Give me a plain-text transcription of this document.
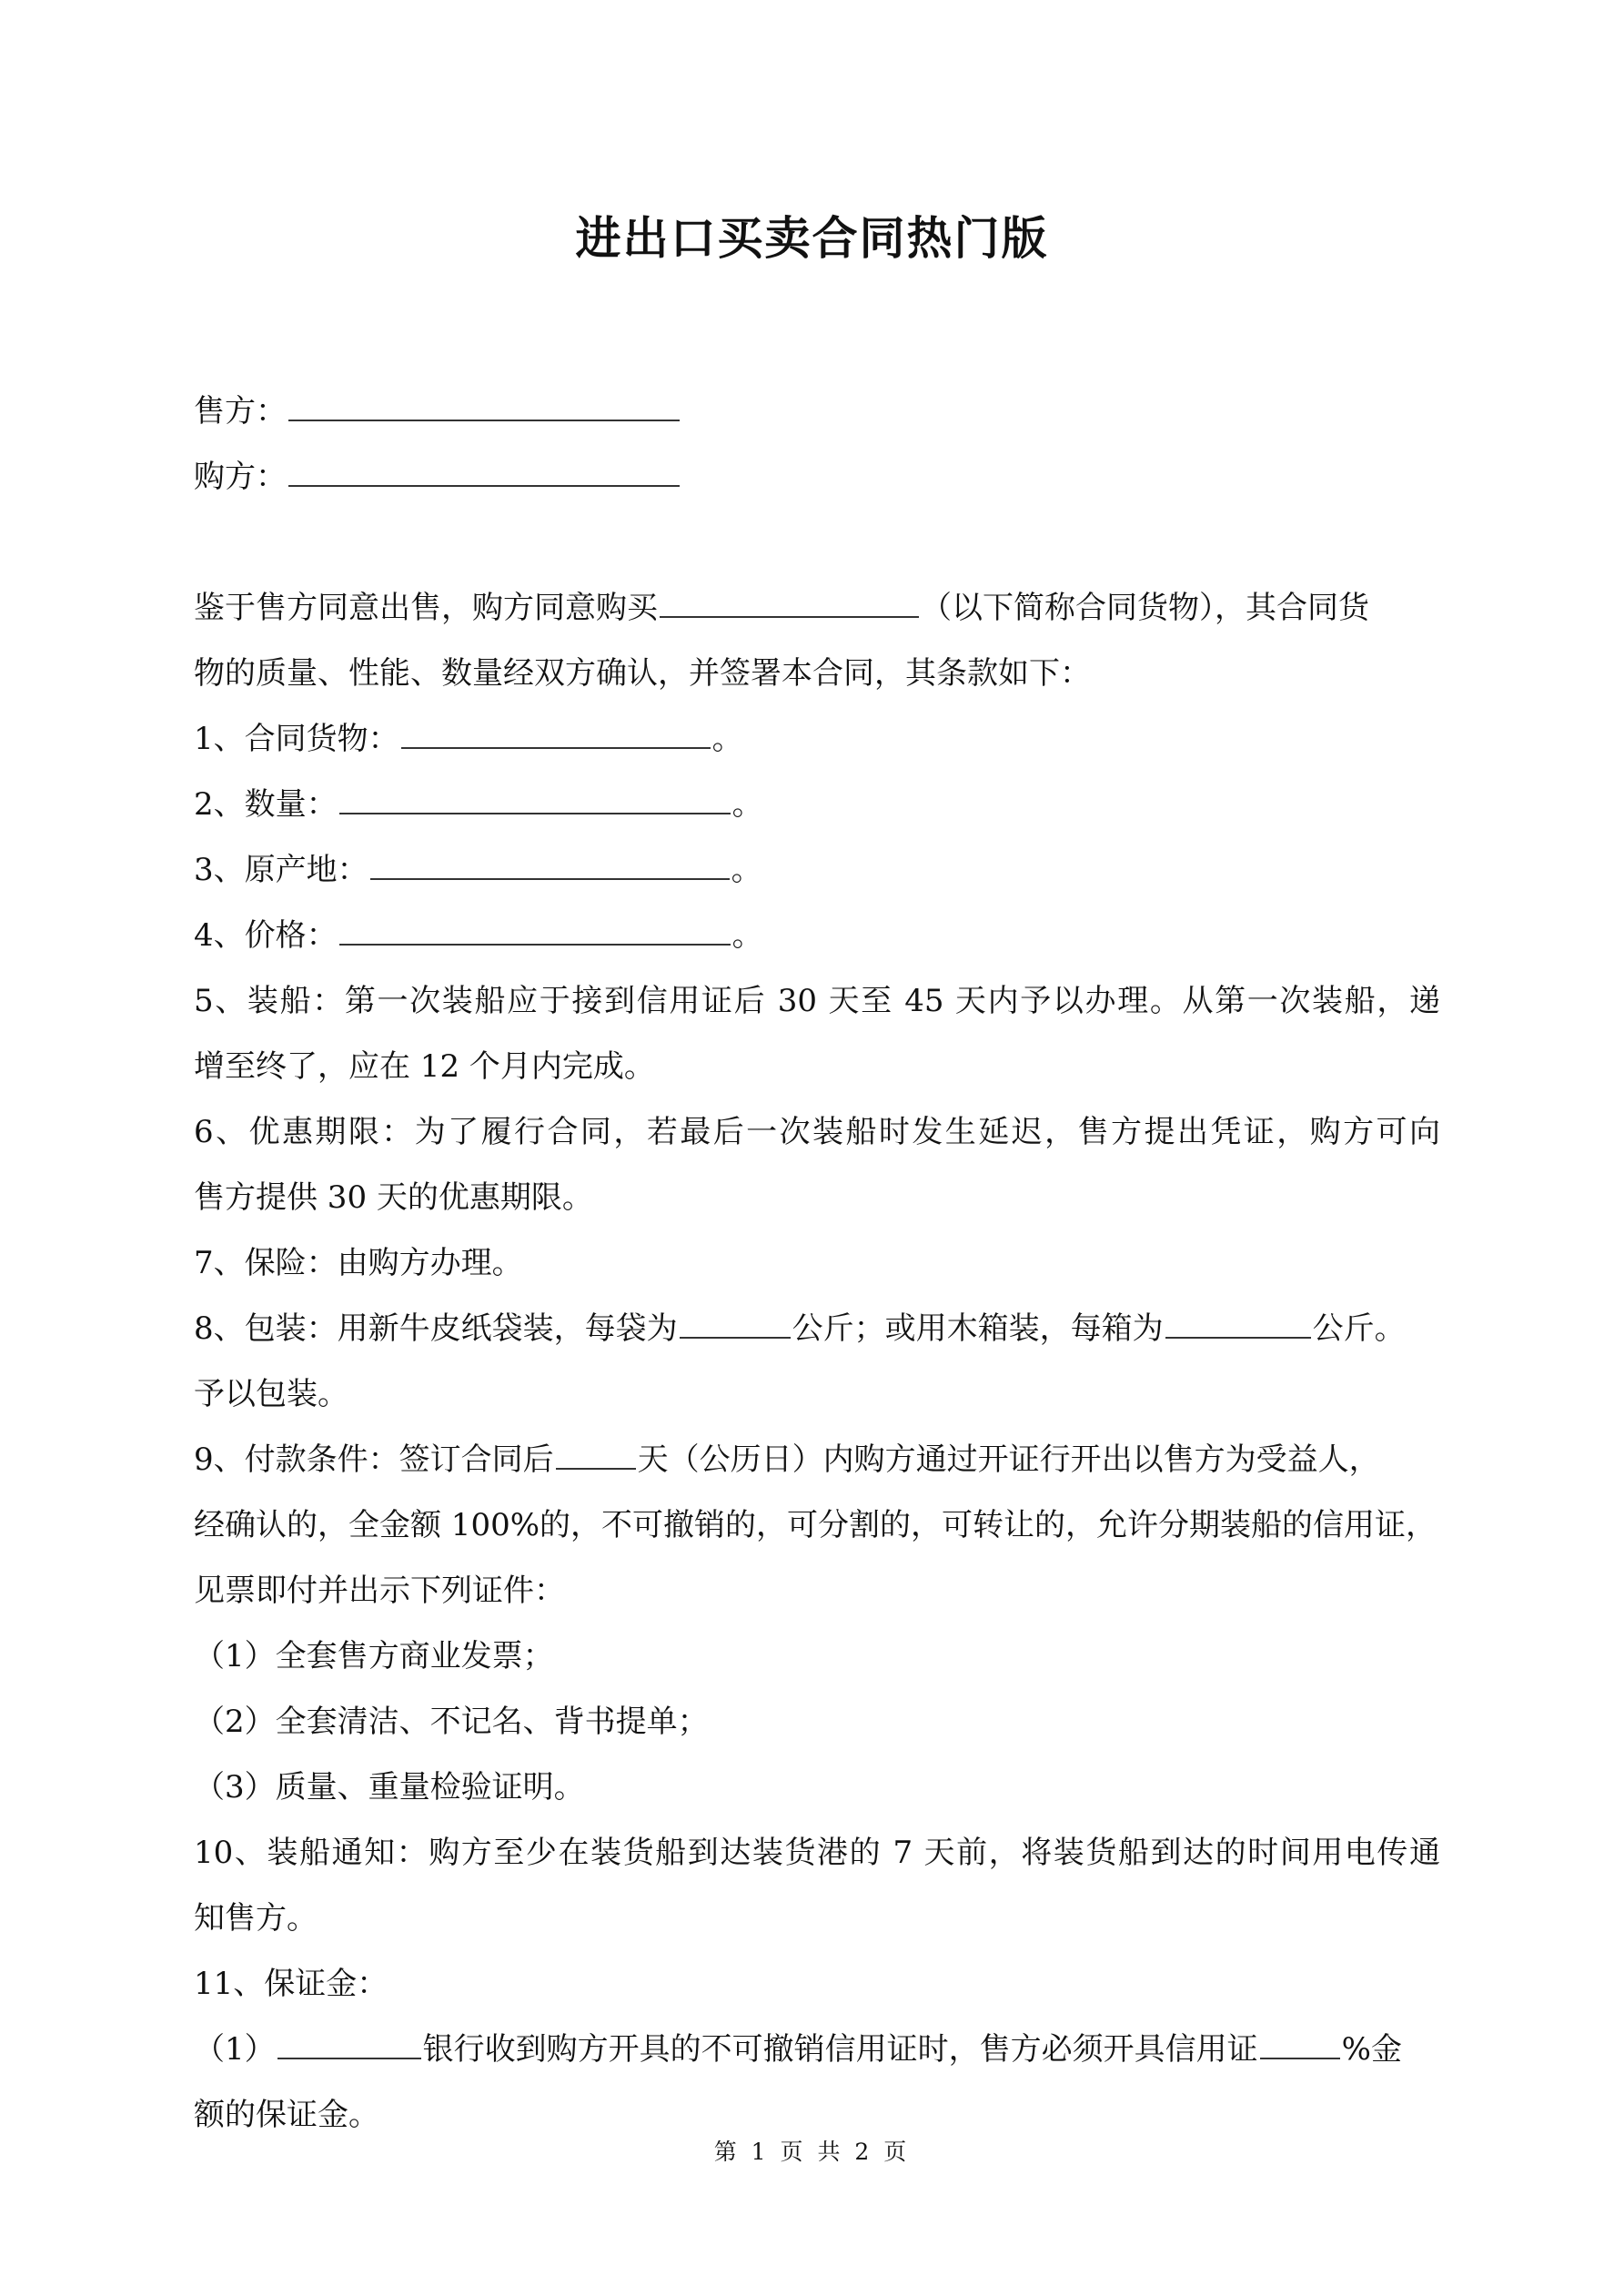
进出口买卖合同热门版
售方：
购方：
鉴于售方同意出售，购方同意购买	（以下简称合同货物），其合同货
物的质量、性能、数量经双方确认，并签署本合同，其条款如下：
1、合同货物：	。
2、数量：	。
3、原产地：	。
4、价格：	。
5、装船：第一次装船应于接到信用证后 30 天至 45 天内予以办理。从第一次装船，递
增至终了，应在 12 个月内完成。
6、优惠期限：为了履行合同，若最后一次装船时发生延迟，售方提出凭证，购方可向
售方提供 30 天的优惠期限。
7、保险：由购方办理。
8、包装：用新牛皮纸袋装，每袋为	公斤；或用木箱装，每箱为	公斤。
予以包装。
9、付款条件：签订合同后	天（公历日）内购方通过开证行开出以售方为受益人，
经确认的，全金额 100%的，不可撤销的，可分割的，可转让的，允许分期装船的信用证，
见票即付并出示下列证件：
（1）全套售方商业发票；
（2）全套清洁、不记名、背书提单；
（3）质量、重量检验证明。
10、装船通知：购方至少在装货船到达装货港的 7 天前，将装货船到达的时间用电传通
知售方。
11、保证金：
（1）	银行收到购方开具的不可撤销信用证时，售方必须开具信用证	%金
额的保证金。
第 1 页 共 2 页
